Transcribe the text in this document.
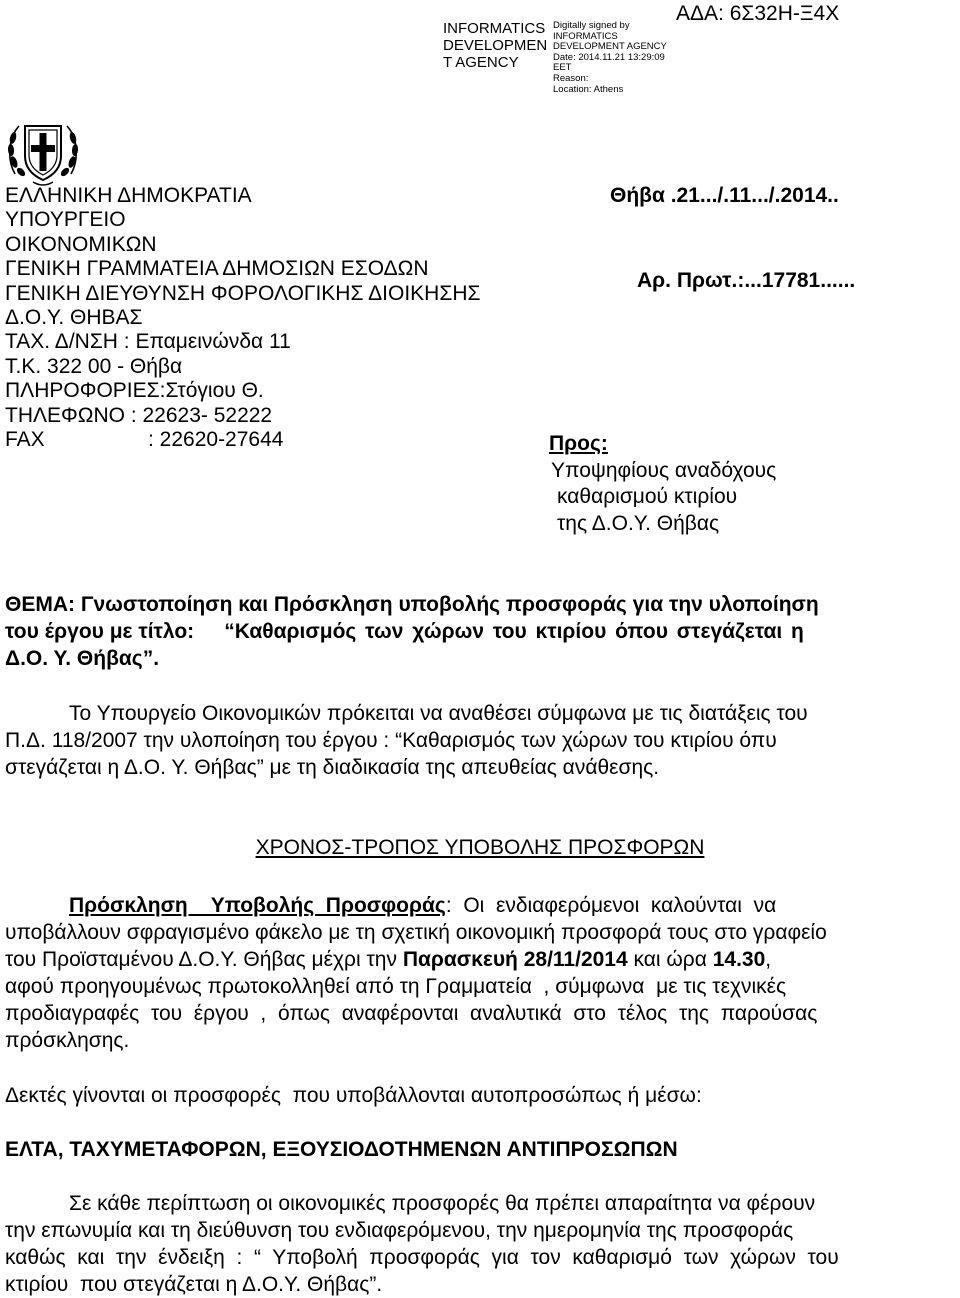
INFORMATICS
DEVELOPMEN
T AGENCY
Digitally signed by
INFORMATICS
DEVELOPMENT AGENCY
Date: 2014.11.21 13:29:09
EET
Reason:
Location: Athens
ΑΔΑ: 6Σ32Η-Ξ4Χ
ΕΛΛΗΝΙΚΗ ΔΗΜΟΚΡΑΤΙΑ
ΥΠΟΥΡΓΕΙΟ
ΟΙΚΟΝΟΜΙΚΩΝ
ΓΕΝΙΚΗ ΓΡΑΜΜΑΤΕΙΑ ΔΗΜΟΣΙΩΝ ΕΣΟΔΩΝ
ΓΕΝΙΚΗ ΔΙΕΥΘΥΝΣΗ ΦΟΡΟΛΟΓΙΚΗΣ ΔΙΟΙΚΗΣΗΣ
Δ.Ο.Υ. ΘΗΒΑΣ
ΤΑΧ. Δ/ΝΣΗ : Επαμεινώνδα 11
Τ.Κ. 322 00 - Θήβα
ΠΛΗΡΟΦΟΡΙΕΣ:Στόγιου Θ.
ΤΗΛΕΦΩΝΟ : 22623- 52222
FAX	: 22620-27644
Θήβα .21.../.11.../.2014..
Αρ. Πρωτ.:...17781......
Προς:
Υποψηφίους αναδόχους
καθαρισμού κτιρίου
της Δ.Ο.Υ. Θήβας
ΘΕΜΑ: Γνωστοποίηση και Πρόσκληση υποβολής προσφοράς για την υλοποίηση
του έργου με τίτλο: “Καθαρισμός των χώρων του κτιρίου όπου στεγάζεται η
Δ.Ο. Υ. Θήβας”.
Το Υπουργείο Οικονομικών πρόκειται να αναθέσει σύμφωνα με τις διατάξεις του
Π.Δ. 118/2007 την υλοποίηση του έργου : “Καθαρισμός των χώρων του κτιρίου όπυ
στεγάζεται η Δ.Ο. Υ. Θήβας” με τη διαδικασία της απευθείας ανάθεσης.
ΧΡΟΝΟΣ-ΤΡΟΠΟΣ ΥΠΟΒΟΛΗΣ ΠΡΟΣΦΟΡΩΝ
Πρόσκληση    Υποβολής  Προσφοράς:  Οι  ενδιαφερόμενοι  καλούνται  να
υποβάλλουν σφραγισμένο φάκελο με τη σχετική οικονομική προσφορά τους στο γραφείο
του Προϊσταμένου Δ.Ο.Υ. Θήβας μέχρι την Παρασκευή 28/11/2014 και ώρα 14.30,
αφού προηγουμένως πρωτοκολληθεί από τη Γραμματεία  , σύμφωνα  με τις τεχνικές
προδιαγραφές  του  έργου  ,  όπως  αναφέρονται  αναλυτικά  στο  τέλος  της  παρούσας
πρόσκλησης.
Δεκτές γίνονται οι προσφορές  που υποβάλλονται αυτοπροσώπως ή μέσω:
ΕΛΤΑ, ΤΑΧΥΜΕΤΑΦΟΡΩΝ, ΕΞΟΥΣΙΟΔΟΤΗΜΕΝΩΝ ΑΝΤΙΠΡΟΣΩΠΩΝ
Σε κάθε περίπτωση οι οικονομικές προσφορές θα πρέπει απαραίτητα να φέρουν
την επωνυμία και τη διεύθυνση του ενδιαφερόμενου, την ημερομηνία της προσφοράς
καθώς  και  την  ένδειξη  :  “  Υποβολή  προσφοράς  για  τον  καθαρισμό  των  χώρων  του
κτιρίου  που στεγάζεται η Δ.Ο.Υ. Θήβας”.
